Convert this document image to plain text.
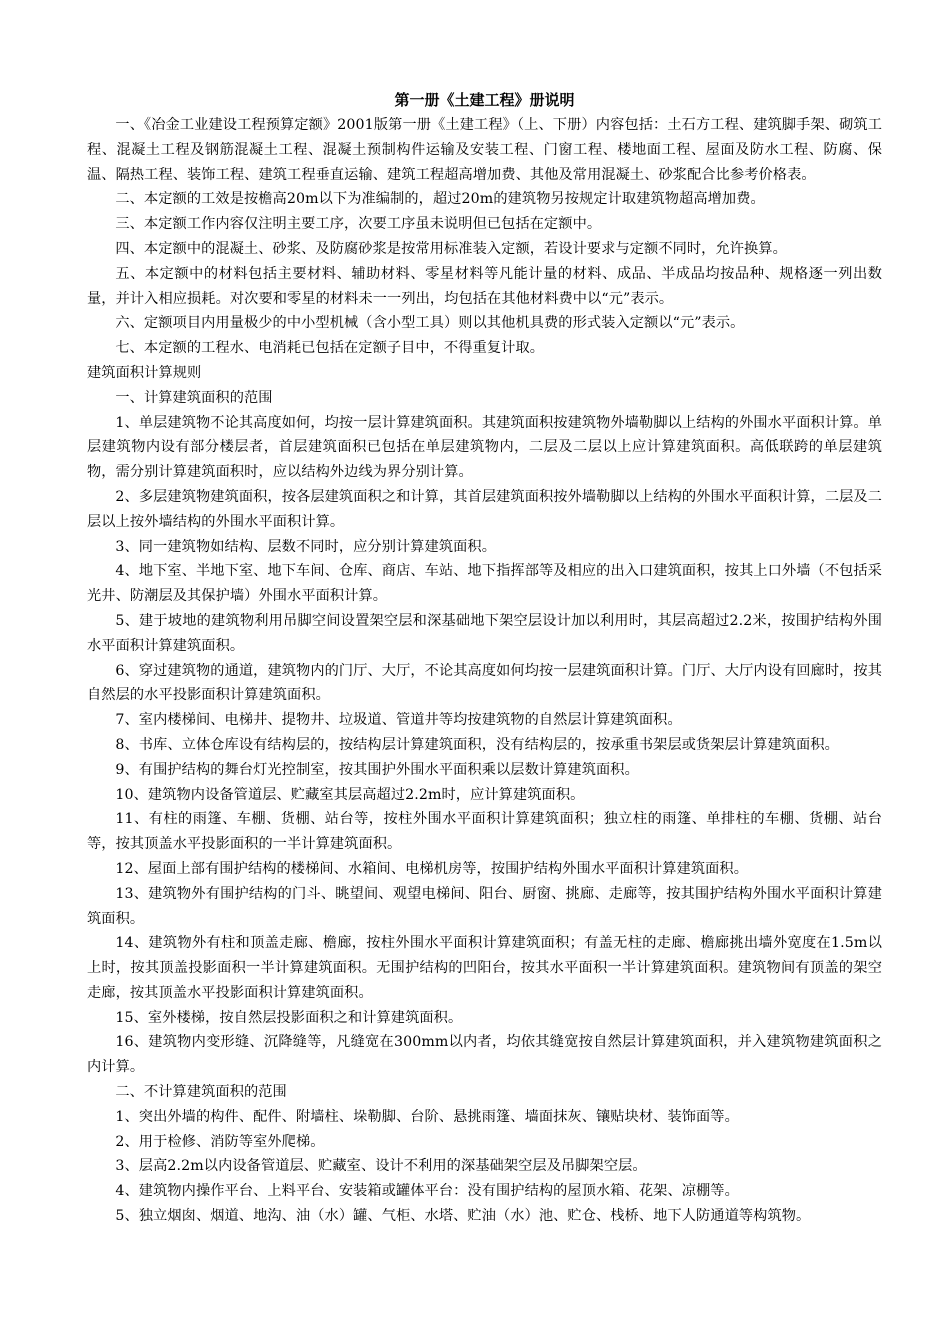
第一册《土建工程》册说明

一、《冶金工业建设工程预算定额》2001版第一册《土建工程》（上、下册）内容包括：土石方工程、建筑脚手架、砌筑工程、混凝土工程及钢筋混凝土工程、混凝土预制构件运输及安装工程、门窗工程、楼地面工程、屋面及防水工程、防腐、保温、隔热工程、装饰工程、建筑工程垂直运输、建筑工程超高增加费、其他及常用混凝土、砂浆配合比参考价格表。

二、本定额的工效是按檐高20m以下为准编制的，超过20m的建筑物另按规定计取建筑物超高增加费。

三、本定额工作内容仅注明主要工序，次要工序虽未说明但已包括在定额中。

四、本定额中的混凝土、砂浆、及防腐砂浆是按常用标准装入定额，若设计要求与定额不同时，允许换算。

五、本定额中的材料包括主要材料、辅助材料、零星材料等凡能计量的材料、成品、半成品均按品种、规格逐一列出数量，并计入相应损耗。对次要和零星的材料未一一列出，均包括在其他材料费中以“元”表示。

六、定额项目内用量极少的中小型机械（含小型工具）则以其他机具费的形式装入定额以“元”表示。

七、本定额的工程水、电消耗已包括在定额子目中，不得重复计取。

建筑面积计算规则

一、计算建筑面积的范围

1、单层建筑物不论其高度如何，均按一层计算建筑面积。其建筑面积按建筑物外墙勒脚以上结构的外围水平面积计算。单层建筑物内设有部分楼层者，首层建筑面积已包括在单层建筑物内，二层及二层以上应计算建筑面积。高低联跨的单层建筑物，需分别计算建筑面积时，应以结构外边线为界分别计算。

2、多层建筑物建筑面积，按各层建筑面积之和计算，其首层建筑面积按外墙勒脚以上结构的外围水平面积计算，二层及二层以上按外墙结构的外围水平面积计算。

3、同一建筑物如结构、层数不同时，应分别计算建筑面积。

4、地下室、半地下室、地下车间、仓库、商店、车站、地下指挥部等及相应的出入口建筑面积，按其上口外墙（不包括采光井、防潮层及其保护墙）外围水平面积计算。

5、建于坡地的建筑物利用吊脚空间设置架空层和深基础地下架空层设计加以利用时，其层高超过2.2米，按围护结构外围水平面积计算建筑面积。

6、穿过建筑物的通道，建筑物内的门厅、大厅，不论其高度如何均按一层建筑面积计算。门厅、大厅内设有回廊时，按其自然层的水平投影面积计算建筑面积。

7、室内楼梯间、电梯井、提物井、垃圾道、管道井等均按建筑物的自然层计算建筑面积。

8、书库、立体仓库设有结构层的，按结构层计算建筑面积，没有结构层的，按承重书架层或货架层计算建筑面积。

9、有围护结构的舞台灯光控制室，按其围护外围水平面积乘以层数计算建筑面积。

10、建筑物内设备管道层、贮藏室其层高超过2.2m时，应计算建筑面积。

11、有柱的雨篷、车棚、货棚、站台等，按柱外围水平面积计算建筑面积；独立柱的雨篷、单排柱的车棚、货棚、站台等，按其顶盖水平投影面积的一半计算建筑面积。

12、屋面上部有围护结构的楼梯间、水箱间、电梯机房等，按围护结构外围水平面积计算建筑面积。

13、建筑物外有围护结构的门斗、眺望间、观望电梯间、阳台、厨窗、挑廊、走廊等，按其围护结构外围水平面积计算建筑面积。

14、建筑物外有柱和顶盖走廊、檐廊，按柱外围水平面积计算建筑面积；有盖无柱的走廊、檐廊挑出墙外宽度在1.5m以上时，按其顶盖投影面积一半计算建筑面积。无围护结构的凹阳台，按其水平面积一半计算建筑面积。建筑物间有顶盖的架空走廊，按其顶盖水平投影面积计算建筑面积。

15、室外楼梯，按自然层投影面积之和计算建筑面积。

16、建筑物内变形缝、沉降缝等，凡缝宽在300mm以内者，均依其缝宽按自然层计算建筑面积，并入建筑物建筑面积之内计算。

二、不计算建筑面积的范围

1、突出外墙的构件、配件、附墙柱、垛勒脚、台阶、悬挑雨篷、墙面抹灰、镶贴块材、装饰面等。

2、用于检修、消防等室外爬梯。

3、层高2.2m以内设备管道层、贮藏室、设计不利用的深基础架空层及吊脚架空层。

4、建筑物内操作平台、上料平台、安装箱或罐体平台：没有围护结构的屋顶水箱、花架、凉棚等。

5、独立烟囱、烟道、地沟、油（水）罐、气柜、水塔、贮油（水）池、贮仓、栈桥、地下人防通道等构筑物。
